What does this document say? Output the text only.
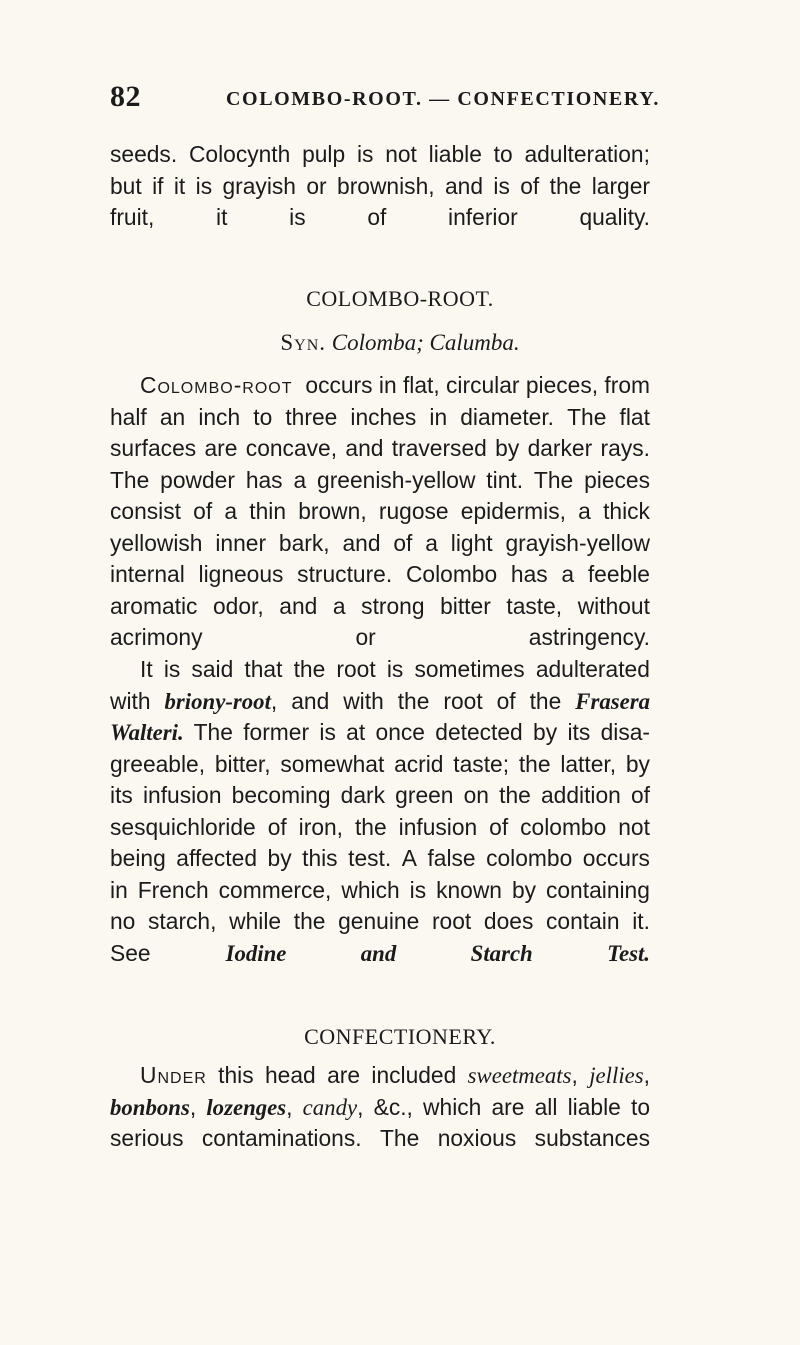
82	COLOMBO-ROOT. — CONFECTIONERY.
seeds. Colocynth pulp is not liable to adulteration;
but if it is grayish or brownish, and is of the larger
fruit, it is of inferior quality.
COLOMBO-ROOT.
Syn. Colomba; Calumba.
Colombo-root occurs in flat, circular pieces, from
half an inch to three inches in diameter. The flat
surfaces are concave, and traversed by darker rays.
The powder has a greenish-yellow tint. The pieces
consist of a thin brown, rugose epidermis, a thick
yellowish inner bark, and of a light grayish-yellow
internal ligneous structure. Colombo has a feeble
aromatic odor, and a strong bitter taste, without
acrimony or astringency.
It is said that the root is sometimes adulterated
with briony-root, and with the root of the Frasera
Walteri. The former is at once detected by its disa-
greeable, bitter, somewhat acrid taste; the latter, by
its infusion becoming dark green on the addition of
sesquichloride of iron, the infusion of colombo not
being affected by this test. A false colombo occurs
in French commerce, which is known by containing
no starch, while the genuine root does contain it.
See	Iodine and Starch Test.
CONFECTIONERY.
Under this head are included sweetmeats, jellies,
bonbons, lozenges, candy, &c., which are all liable to
serious contaminations. The noxious substances
